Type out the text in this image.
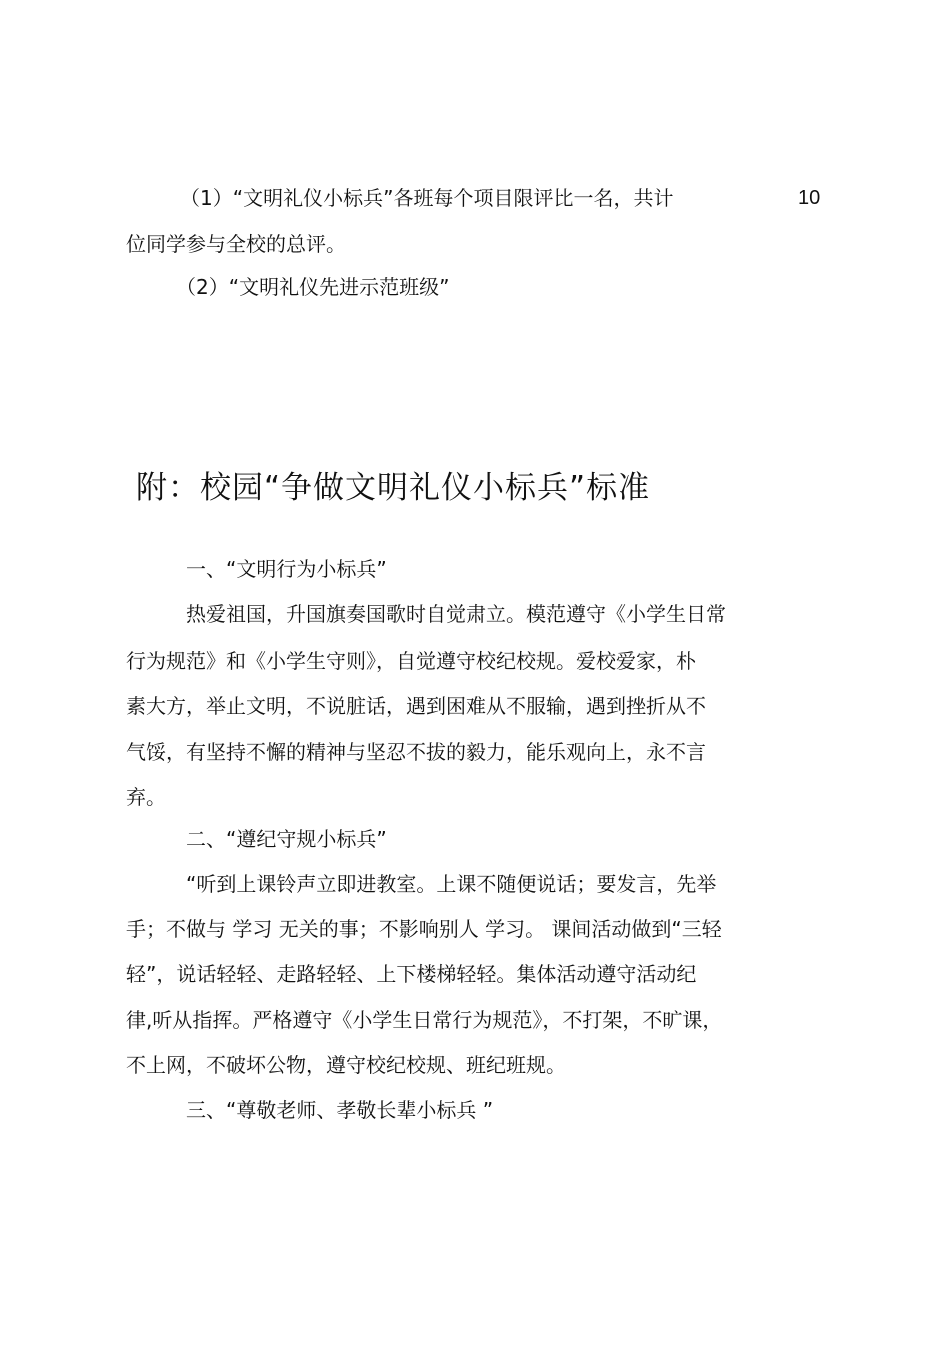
（1）“文明礼仪小标兵”各班每个项目限评比一名，共计	10
位同学参与全校的总评。
（2）“文明礼仪先进示范班级”
附：校园“争做文明礼仪小标兵”标准
一、“文明行为小标兵”
热爱祖国，升国旗奏国歌时自觉肃立。模范遵守《小学生日常
行为规范》和《小学生守则》，自觉遵守校纪校规。爱校爱家，朴
素大方，举止文明，不说脏话，遇到困难从不服输，遇到挫折从不
气馁，有坚持不懈的精神与坚忍不拔的毅力，能乐观向上，永不言
弃。
二、“遵纪守规小标兵”
“听到上课铃声立即进教室。上课不随便说话；要发言，先举
手；不做与 学习 无关的事；不影响别人 学习。 课间活动做到“三轻
轻”，说话轻轻、走路轻轻、上下楼梯轻轻。集体活动遵守活动纪
律,听从指挥。严格遵守《小学生日常行为规范》，不打架，不旷课，
不上网，不破坏公物，遵守校纪校规、班纪班规。
三、“尊敬老师、孝敬长辈小标兵 ”
